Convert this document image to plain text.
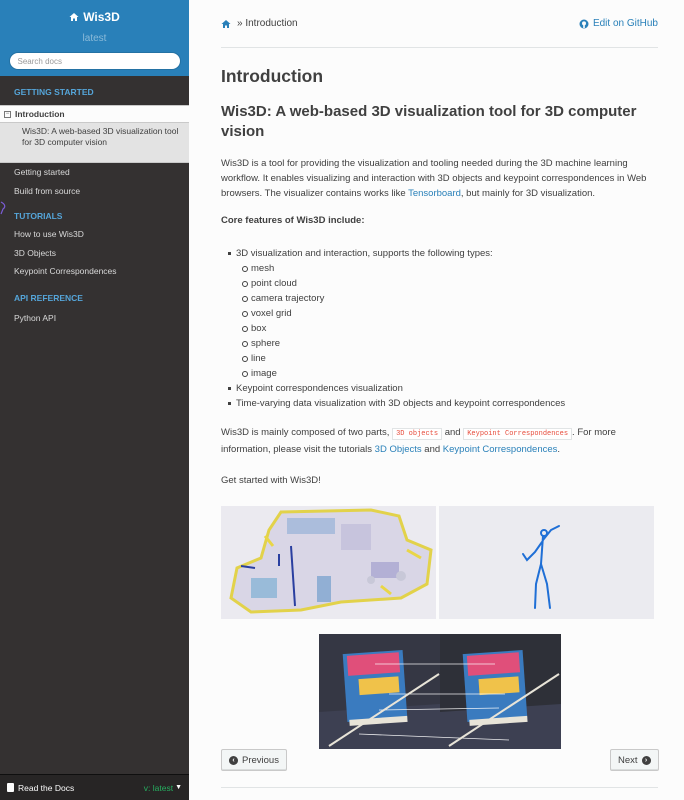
Wis3D
latest
Search docs
GETTING STARTED
− Introduction
Wis3D: A web-based 3D visualization tool for 3D computer vision
Getting started
Build from source
TUTORIALS
How to use Wis3D
3D Objects
Keypoint Correspondences
API REFERENCE
Python API
Read the Docs	v: latest ▼
»
Introduction	Edit on GitHub
Introduction
Wis3D: A web-based 3D visualization tool for 3D computer vision

Wis3D is a tool for providing the visualization and tooling needed during the 3D machine learning workflow. It enables visualizing and interaction with 3D objects and keypoint correspondences in Web browsers. The visualizer contains works like Tensorboard, but mainly for 3D visualization.

Core features of Wis3D include:

3D visualization and interaction, supports the following types:
mesh
point cloud
camera trajectory
voxel grid
box
sphere
line
image
Keypoint correspondences visualization
Time-varying data visualization with 3D objects and keypoint correspondences

Wis3D is mainly composed of two parts, 3D objects and Keypoint Correspondences . For more information, please visit the tutorials 3D Objects and Keypoint Correspondences.

Get started with Wis3D!

‹ Previous	Next	›
